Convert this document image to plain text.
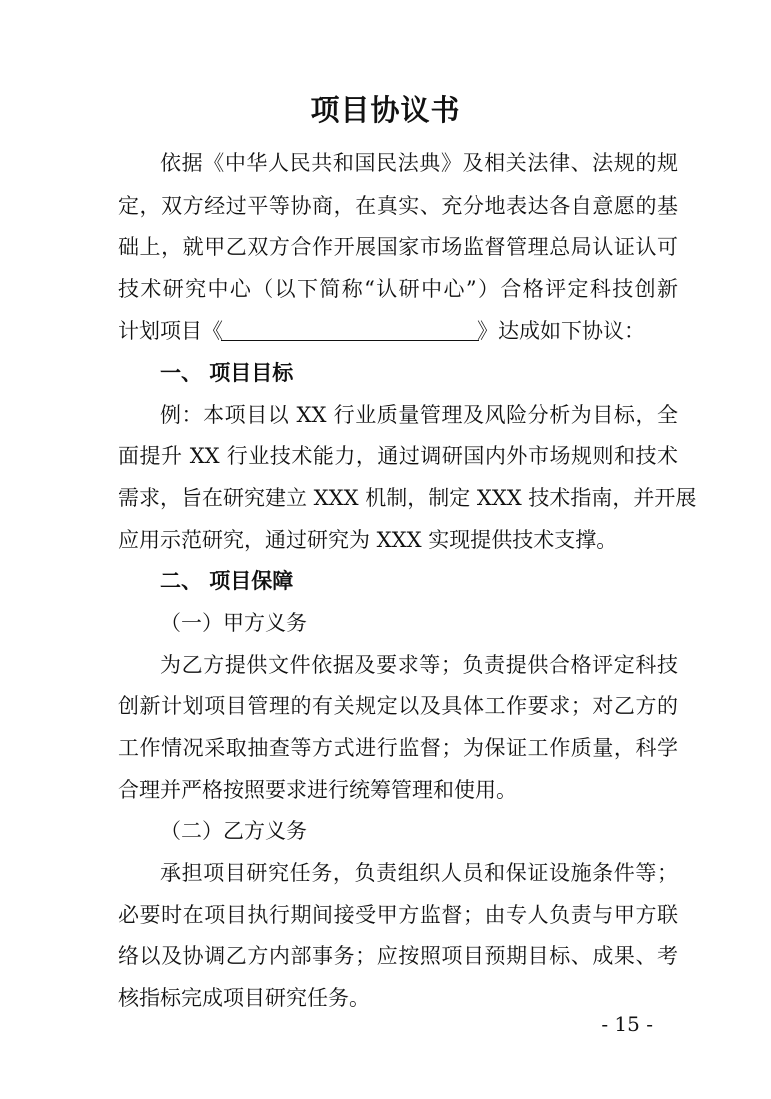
项目协议书
依据《中华人民共和国民法典》及相关法律、法规的规
定，双方经过平等协商，在真实、充分地表达各自意愿的基
础上，就甲乙双方合作开展国家市场监督管理总局认证认可
技术研究中心（以下简称“认研中心”）合格评定科技创新
计划项目《	》达成如下协议：
一、 项目目标
例：本项目以 XX 行业质量管理及风险分析为目标，全
面提升 XX 行业技术能力，通过调研国内外市场规则和技术
需求，旨在研究建立 XXX 机制，制定 XXX 技术指南，并开展
应用示范研究，通过研究为 XXX 实现提供技术支撑。
二、 项目保障
（一）甲方义务
为乙方提供文件依据及要求等；负责提供合格评定科技
创新计划项目管理的有关规定以及具体工作要求；对乙方的
工作情况采取抽查等方式进行监督；为保证工作质量，科学
合理并严格按照要求进行统筹管理和使用。
（二）乙方义务
承担项目研究任务，负责组织人员和保证设施条件等；
必要时在项目执行期间接受甲方监督；由专人负责与甲方联
络以及协调乙方内部事务；应按照项目预期目标、成果、考
核指标完成项目研究任务。
- 15 -
